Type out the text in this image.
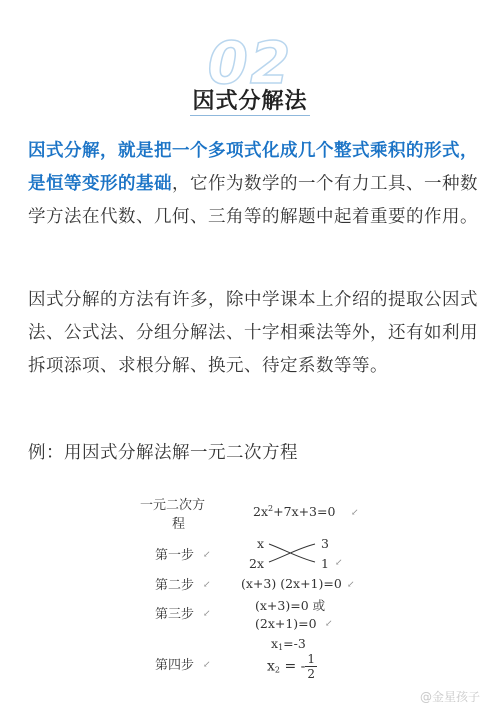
02
因式分解法

因式分解，就是把一个多项式化成几个整式乘积的形式，是恒等变形的基础，它作为数学的一个有力工具、一种数学方法在代数、几何、三角等的解题中起着重要的作用。

因式分解的方法有许多，除中学课本上介绍的提取公因式法、公式法、分组分解法、十字相乘法等外，还有如利用拆项添项、求根分解、换元、待定系数等等。

例：用因式分解法解一元二次方程

一元二次方
程
$2x^2+7x+3=0$ ↙
第一步 ↙
x
2x
3
1 ↙
第二步 ↙ (x+3) (2x+1)=0 ↙
第三步 ↙
(x+3)=0 或
(2x+1)=0 ↙
$x_1=-3$
第四步 ↙	$x_2$ = - $\frac{1}{2}$
@金星孩子
